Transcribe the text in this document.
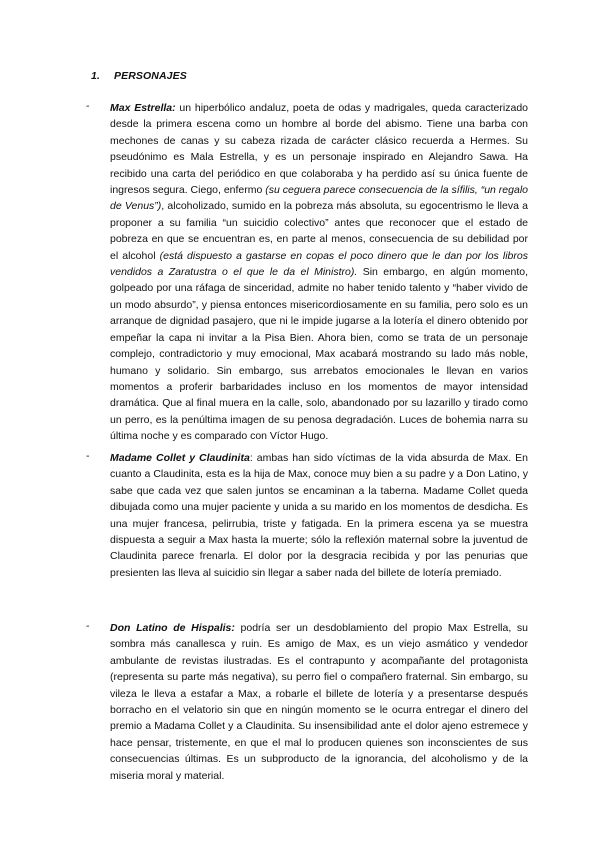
1. PERSONAJES
- Max Estrella: un hiperbólico andaluz, poeta de odas y madrigales, queda caracterizado desde la primera escena como un hombre al borde del abismo. Tiene una barba con mechones de canas y su cabeza rizada de carácter clásico recuerda a Hermes. Su pseudónimo es Mala Estrella, y es un personaje inspirado en Alejandro Sawa. Ha recibido una carta del periódico en que colaboraba y ha perdido así su única fuente de ingresos segura. Ciego, enfermo (su ceguera parece consecuencia de la sífilis, “un regalo de Venus”), alcoholizado, sumido en la pobreza más absoluta, su egocentrismo le lleva a proponer a su familia “un suicidio colectivo” antes que reconocer que el estado de pobreza en que se encuentran es, en parte al menos, consecuencia de su debilidad por el alcohol (está dispuesto a gastarse en copas el poco dinero que le dan por los libros vendidos a Zaratustra o el que le da el Ministro). Sin embargo, en algún momento, golpeado por una ráfaga de sinceridad, admite no haber tenido talento y “haber vivido de un modo absurdo”, y piensa entonces misericordiosamente en su familia, pero solo es un arranque de dignidad pasajero, que ni le impide jugarse a la lotería el dinero obtenido por empeñar la capa ni invitar a la Pisa Bien. Ahora bien, como se trata de un personaje complejo, contradictorio y muy emocional, Max acabará mostrando su lado más noble, humano y solidario. Sin embargo, sus arrebatos emocionales le llevan en varios momentos a proferir barbaridades incluso en los momentos de mayor intensidad dramática. Que al final muera en la calle, solo, abandonado por su lazarillo y tirado como un perro, es la penúltima imagen de su penosa degradación. Luces de bohemia narra su última noche y es comparado con Víctor Hugo.
- Madame Collet y Claudinita: ambas han sido víctimas de la vida absurda de Max. En cuanto a Claudinita, esta es la hija de Max, conoce muy bien a su padre y a Don Latino, y sabe que cada vez que salen juntos se encaminan a la taberna. Madame Collet queda dibujada como una mujer paciente y unida a su marido en los momentos de desdicha. Es una mujer francesa, pelirrubia, triste y fatigada. En la primera escena ya se muestra dispuesta a seguir a Max hasta la muerte; sólo la reflexión maternal sobre la juventud de Claudinita parece frenarla. El dolor por la desgracia recibida y por las penurias que presienten las lleva al suicidio sin llegar a saber nada del billete de lotería premiado.
- Don Latino de Hispalis: podría ser un desdoblamiento del propio Max Estrella, su sombra más canallesca y ruin. Es amigo de Max, es un viejo asmático y vendedor ambulante de revistas ilustradas. Es el contrapunto y acompañante del protagonista (representa su parte más negativa), su perro fiel o compañero fraternal. Sin embargo, su vileza le lleva a estafar a Max, a robarle el billete de lotería y a presentarse después borracho en el velatorio sin que en ningún momento se le ocurra entregar el dinero del premio a Madama Collet y a Claudinita. Su insensibilidad ante el dolor ajeno estremece y hace pensar, tristemente, en que el mal lo producen quienes son inconscientes de sus consecuencias últimas. Es un subproducto de la ignorancia, del alcoholismo y de la miseria moral y material.
